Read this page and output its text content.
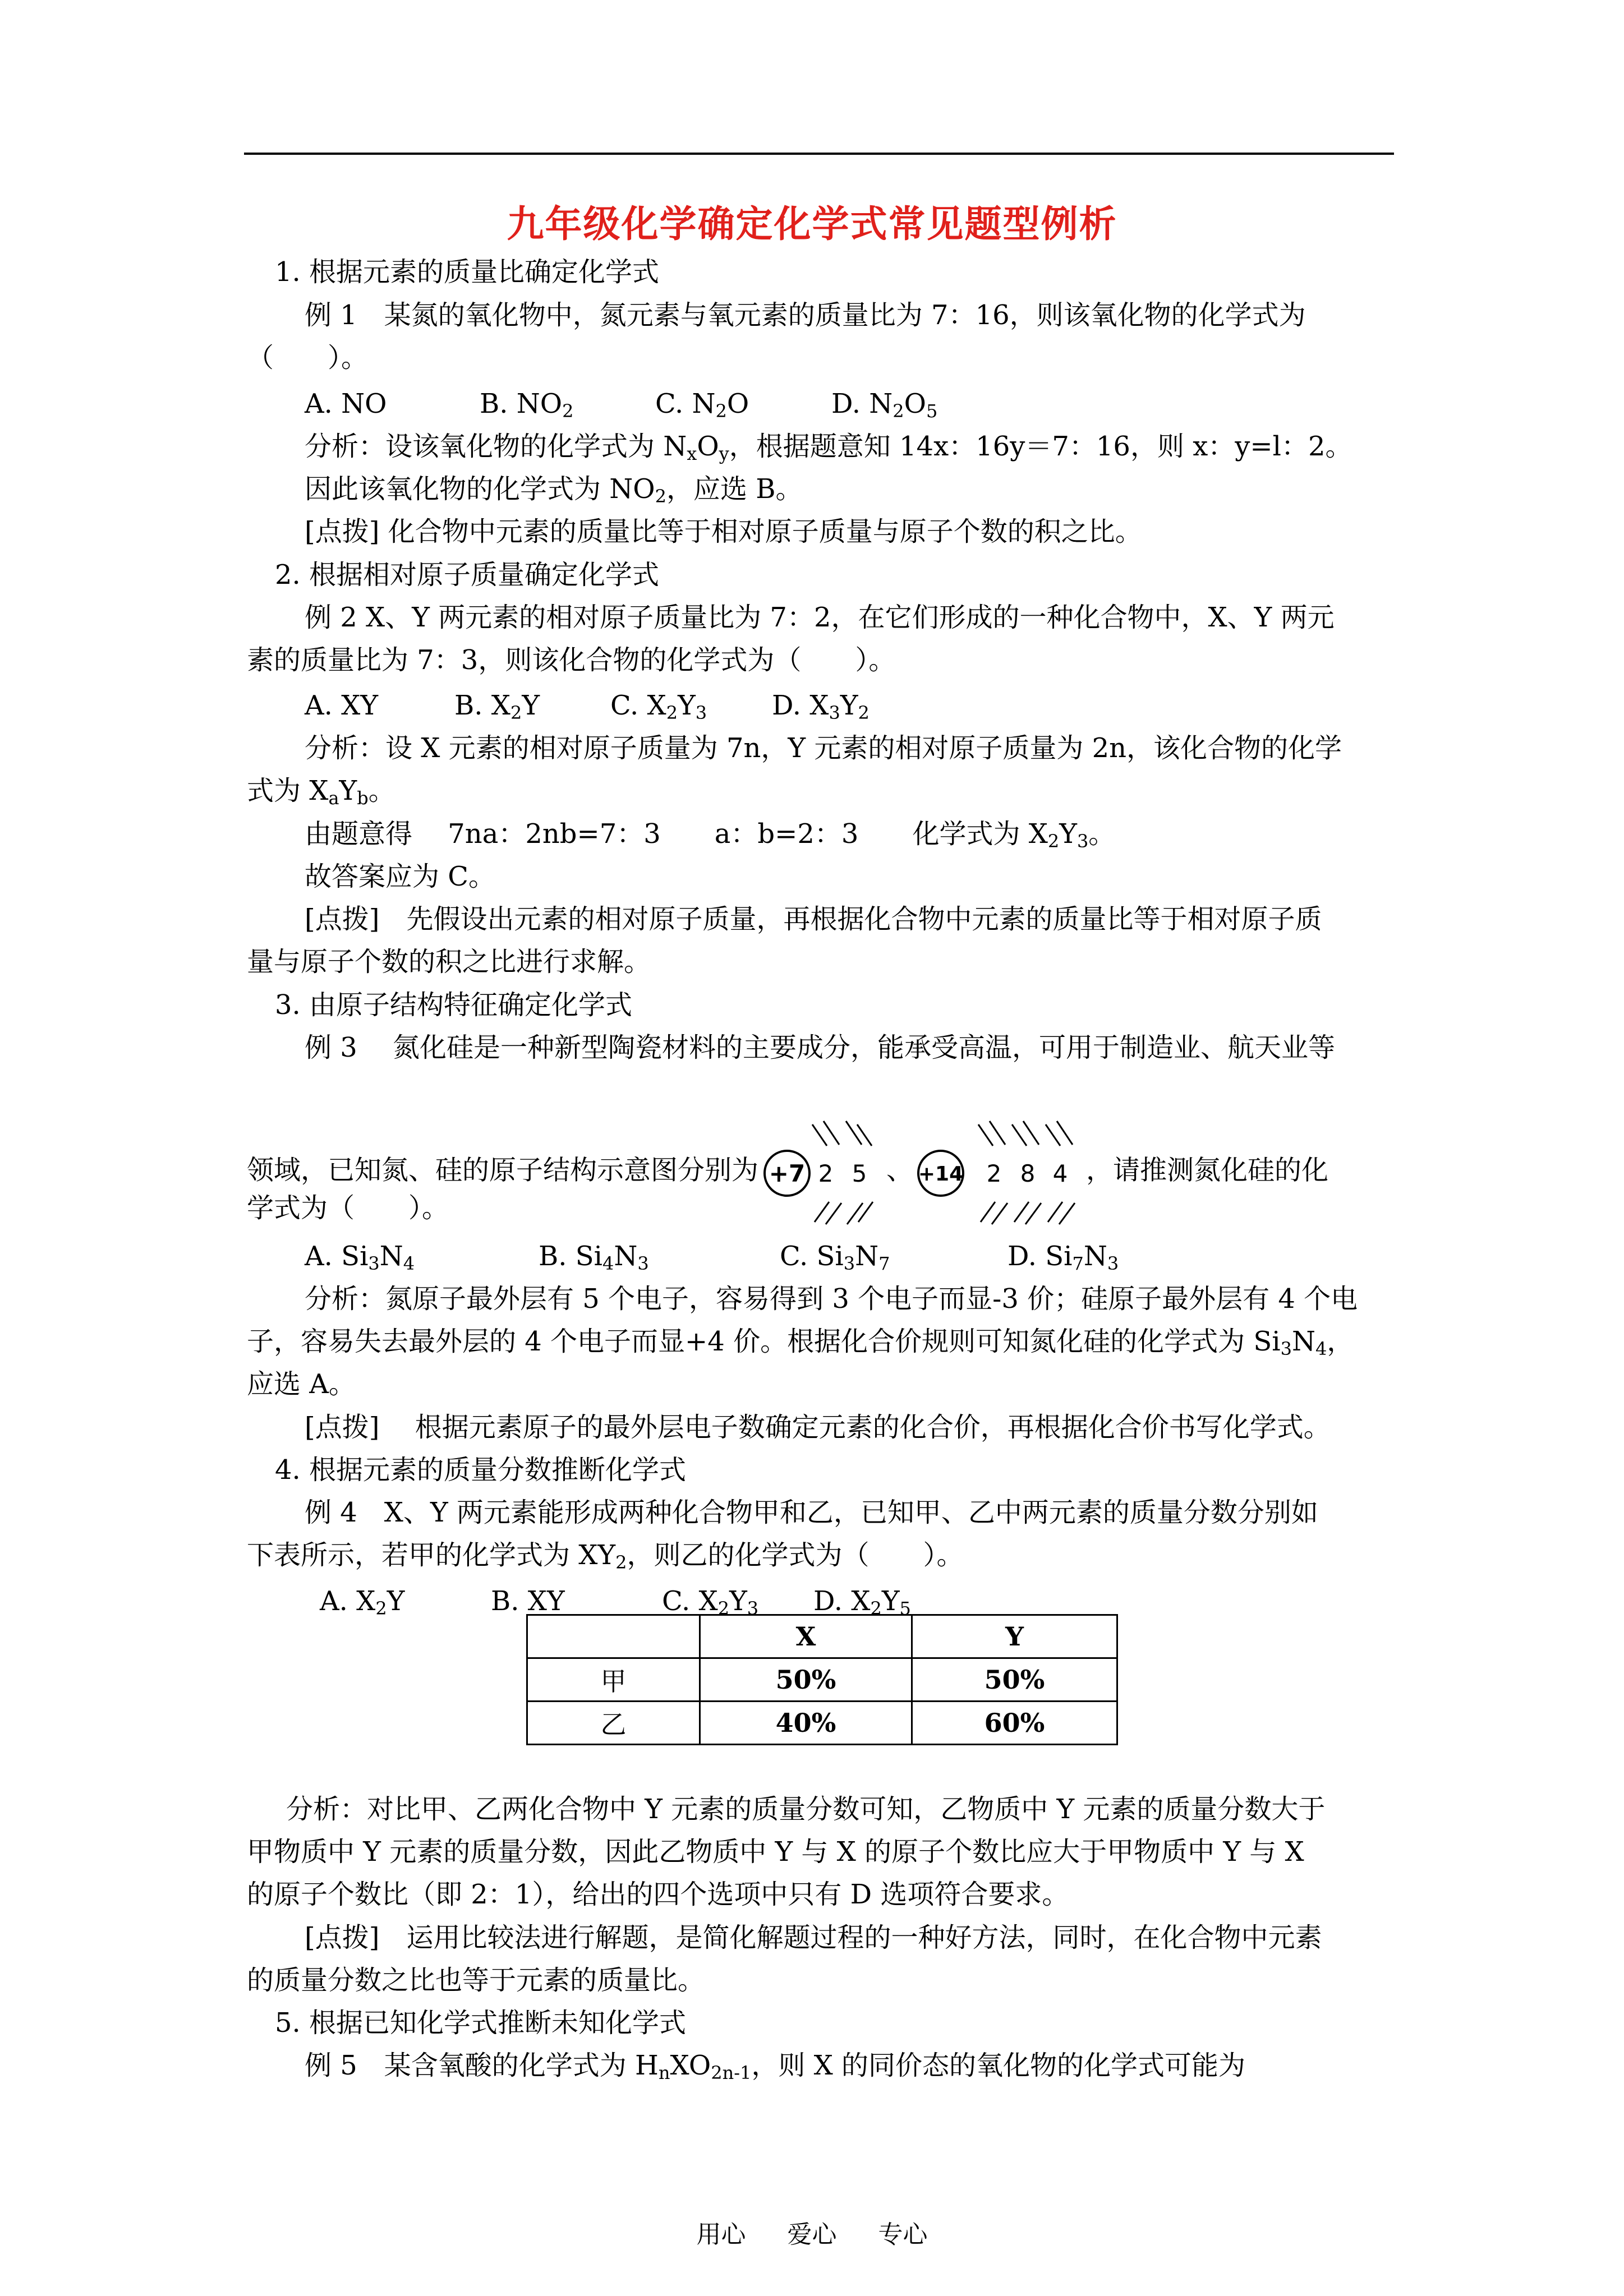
九年级化学确定化学式常见题型例析
1. 根据元素的质量比确定化学式
例 1　某氮的氧化物中，氮元素与氧元素的质量比为 7：16，则该氧化物的化学式为
（　　）。
A. NO	B. $NO_2$	C. $N_2O$	D. $N_2O_5$
分析：设该氧化物的化学式为 $N_xO_y$，根据题意知 14x：16y＝7：16，则 x：y=l：2。
因此该氧化物的化学式为 $NO_2$，应选 B。
[点拨] 化合物中元素的质量比等于相对原子质量与原子个数的积之比。
2. 根据相对原子质量确定化学式
例 2 X、Y 两元素的相对原子质量比为 7：2，在它们形成的一种化合物中，X、Y 两元
素的质量比为 7：3，则该化合物的化学式为（　　）。
A. XY	B. $X_2Y$	C. $X_2Y_3$ D. $X_3Y_2$
分析：设 X 元素的相对原子质量为 7n，Y 元素的相对原子质量为 2n，该化合物的化学
式为 $X_aY_b$。
由题意得　 7na：2nb=7：3　　a：b=2：3　　化学式为 $X_2Y_3$。
故答案应为 C。
[点拨]　先假设出元素的相对原子质量，再根据化合物中元素的质量比等于相对原子质
量与原子个数的积之比进行求解。
3. 由原子结构特征确定化学式
例 3　 氮化硅是一种新型陶瓷材料的主要成分，能承受高温，可用于制造业、航天业等
领域，已知氮、硅的原子结构示意图分别为 +7 2 5 、 +14 2 8 4 ，请推测氮化硅的化
学式为（　　）。
A. $Si_3N_4$	B. $Si_4N_3$	C. $Si_3N_7$	D. $Si_7N_3$
分析：氮原子最外层有 5 个电子，容易得到 3 个电子而显-3 价；硅原子最外层有 4 个电
子，容易失去最外层的 4 个电子而显+4 价。根据化合价规则可知氮化硅的化学式为 $Si_3N_4$，
应选 A。
[点拨]　 根据元素原子的最外层电子数确定元素的化合价，再根据化合价书写化学式。
4. 根据元素的质量分数推断化学式
例 4　X、Y 两元素能形成两种化合物甲和乙，已知甲、乙中两元素的质量分数分别如
下表所示，若甲的化学式为 $XY_2$，则乙的化学式为（　　）。
A. $X_2Y$	B. XY	C. $X_2Y_3$ D. $X_2Y_5$
	X	Y
甲	50%	50%
乙	40%	60%
分析：对比甲、乙两化合物中 Y 元素的质量分数可知，乙物质中 Y 元素的质量分数大于
甲物质中 Y 元素的质量分数，因此乙物质中 Y 与 X 的原子个数比应大于甲物质中 Y 与 X
的原子个数比（即 2：1），给出的四个选项中只有 D 选项符合要求。
[点拨]　运用比较法进行解题，是简化解题过程的一种好方法，同时，在化合物中元素
的质量分数之比也等于元素的质量比。
5. 根据已知化学式推断未知化学式
例 5　某含氧酸的化学式为 $H_nXO_{2n-1}$，则 X 的同价态的氧化物的化学式可能为
用心 爱心 专心
